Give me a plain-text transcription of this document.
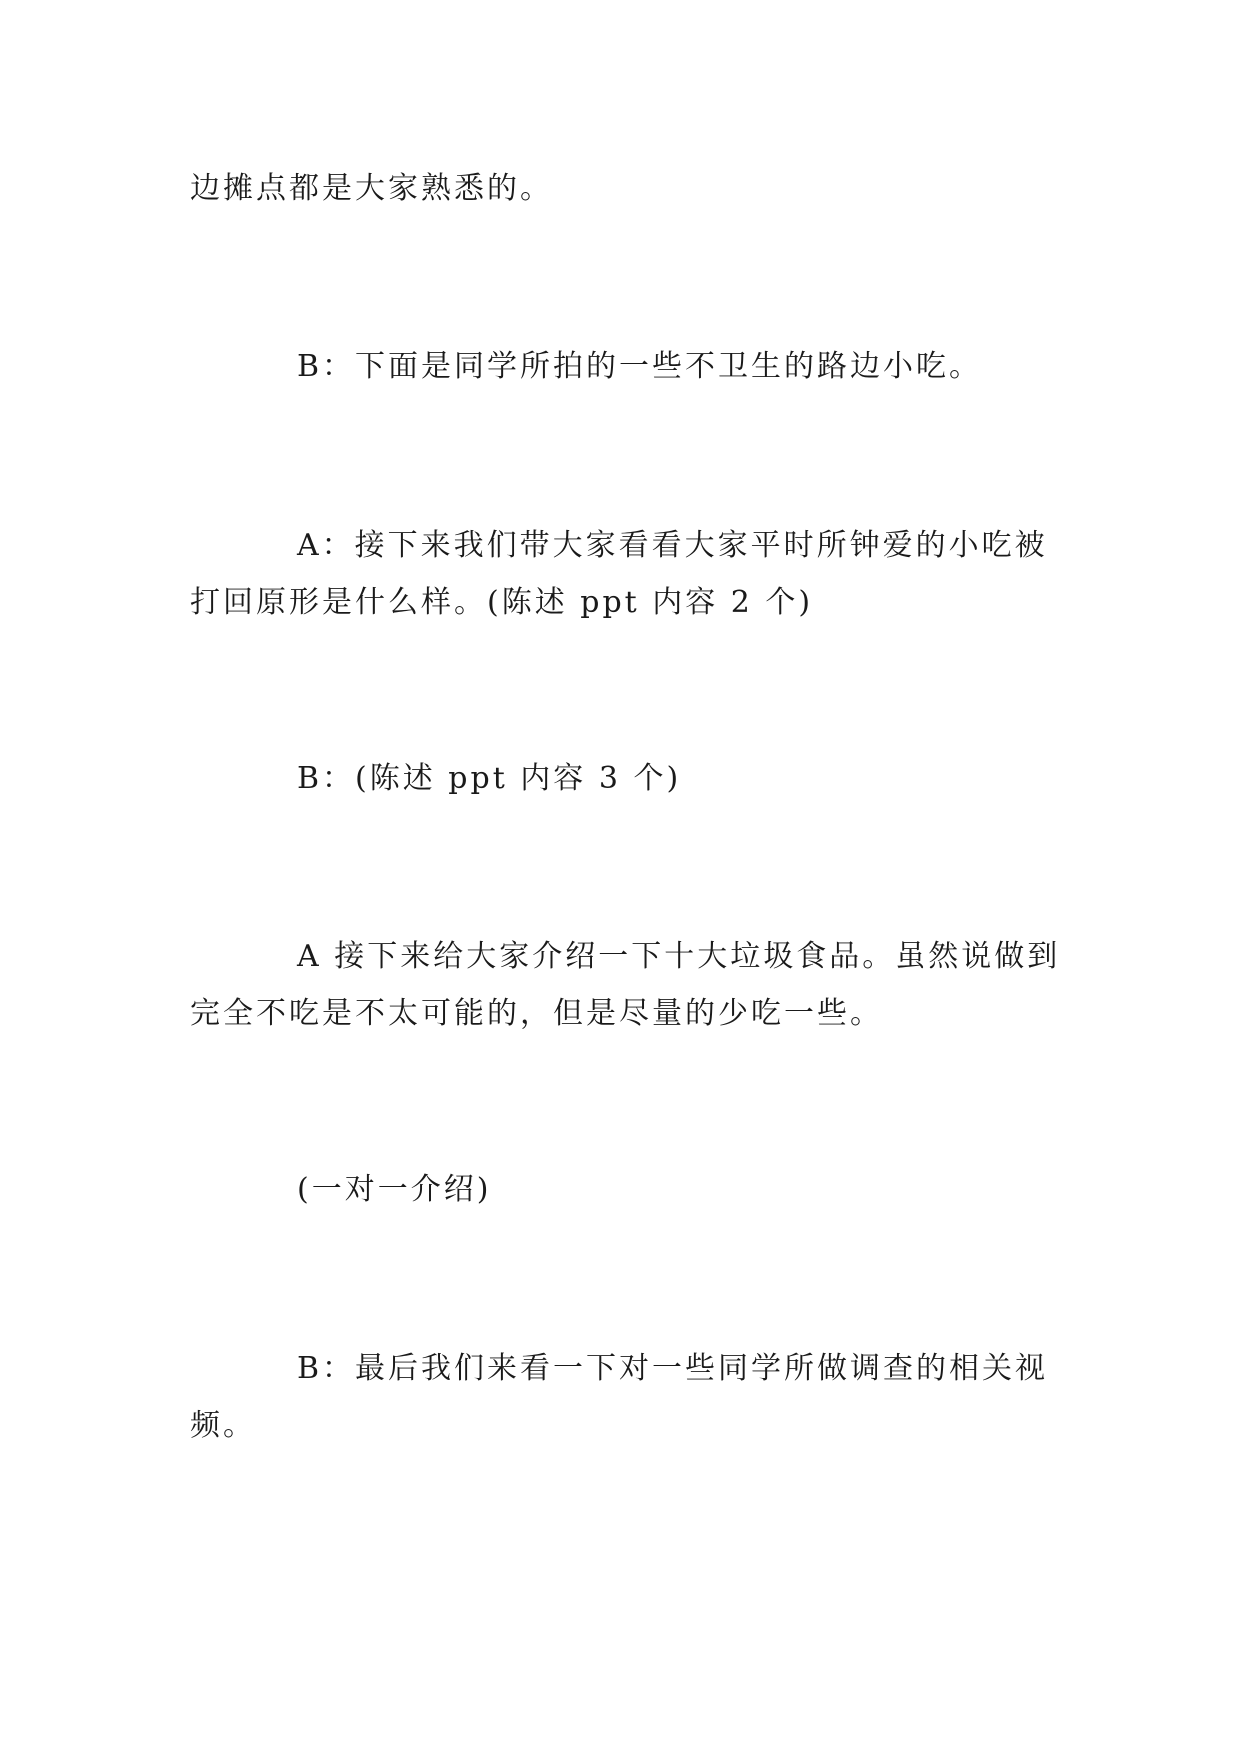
边摊点都是大家熟悉的。
B：下面是同学所拍的一些不卫生的路边小吃。
A：接下来我们带大家看看大家平时所钟爱的小吃被
打回原形是什么样。(陈述 ppt 内容 2 个)
B：(陈述 ppt 内容 3 个)
A 接下来给大家介绍一下十大垃圾食品。虽然说做到
完全不吃是不太可能的，但是尽量的少吃一些。
(一对一介绍)
B：最后我们来看一下对一些同学所做调查的相关视
频。
